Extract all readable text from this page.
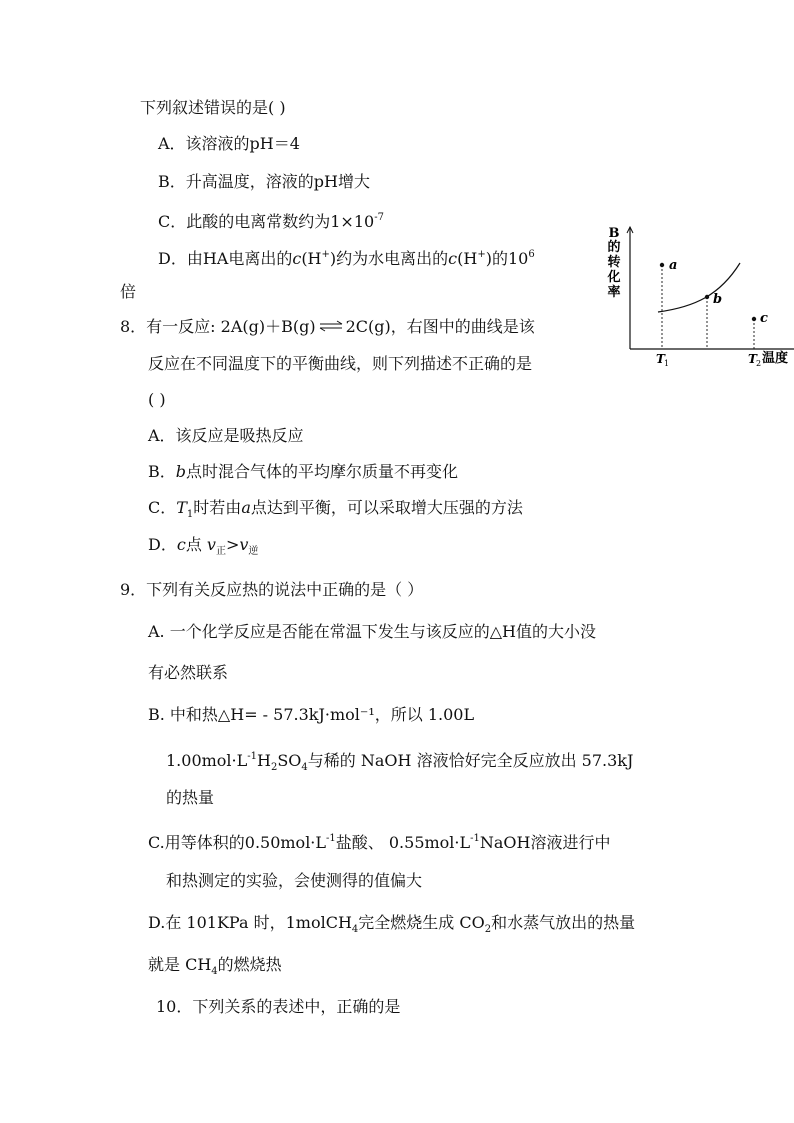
下列叙述错误的是( )
A．该溶液的pH＝4
B．升高温度，溶液的pH增大
C．此酸的电离常数约为$1\times 10^{-7}$
D．由HA电离出的c(H+)约为水电离出的c(H+)的$10^6$
倍
8．有一反应: 2A(g)＋B(g)⇌2C(g)，右图中的曲线是该
反应在不同温度下的平衡曲线，则下列描述不正确的是
( )
A．该反应是吸热反应
B．b点时混合气体的平均摩尔质量不再变化
C．$T_1$时若由a点达到平衡，可以采取增大压强的方法
D．c点 $v_正>v_逆$
B
的
转
化
率
a
b
c
T 1	T 2 温度
9．下列有关反应热的说法中正确的是（ ）
A. 一个化学反应是否能在常温下发生与该反应的△H值的大小没
有必然联系
B. 中和热△H= - 57.3kJ·mol⁻¹，所以 1.00L
$1.00mol\cdot L^{-1}H_2SO_4$与稀的 NaOH 溶液恰好完全反应放出 57.3kJ
的热量
C.用等体积的$0.50mol\cdot L^{-1}$盐酸、 $0.55mol\cdot L^{-1}NaOH$溶液进行中
和热测定的实验，会使测得的值偏大
D.在 101KPa 时，1molCH$_4$完全燃烧生成 $CO_2$和水蒸气放出的热量
就是 $CH_4$的燃烧热
10．下列关系的表述中，正确的是
